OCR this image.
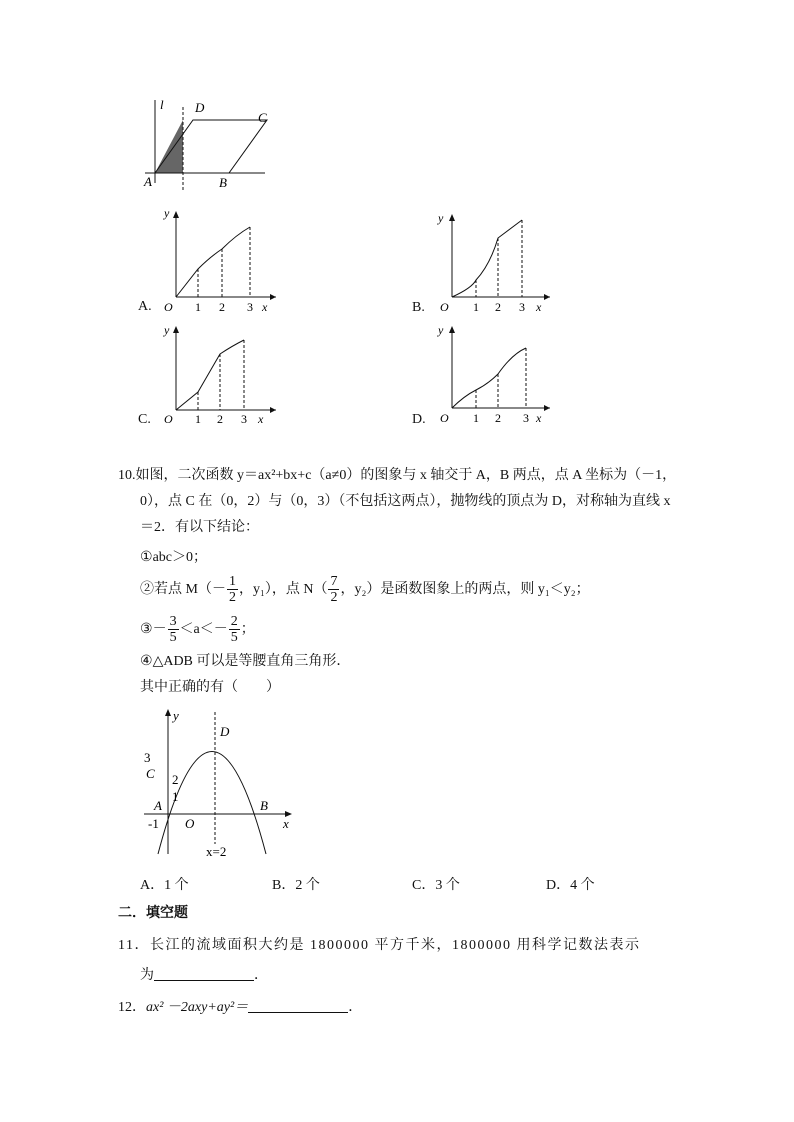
l D
C
A	B
A.
y
O 1 2 3 x	B.
y
O 1 2 3 x
C.
y
O 1 2 3 x	D.
y
O 1 2 3 x
10.如图，二次函数 y＝ax²+bx+c（a≠0）的图象与 x 轴交于 A，B 两点，点 A 坐标为（－1，
0），点 C 在（0，2）与（0，3）（不包括这两点），抛物线的顶点为 D，对称轴为直线 x
＝2．有以下结论：
①abc＞0；
②若点 $M(- \frac{1}{2}$ ，y₁），点 $N( \frac{7}{2}$ ，y₂）是函数图象上的两点，则 y₁＜y₂；
③－ $\frac{3}{5} <a<- \frac{2}{5}$ ；
④△ADB 可以是等腰直角三角形．
其中正确的有（　　）
y
D
3
C 2
1
A	B
-1 O	x
x=2
A．1 个	B．2 个	C．3 个	D．4 个
二．填空题
11．长江的流域面积大约是 1800000 平方千米，1800000 用科学记数法表示
为	．
12．ax² －2axy+ay²＝	．
